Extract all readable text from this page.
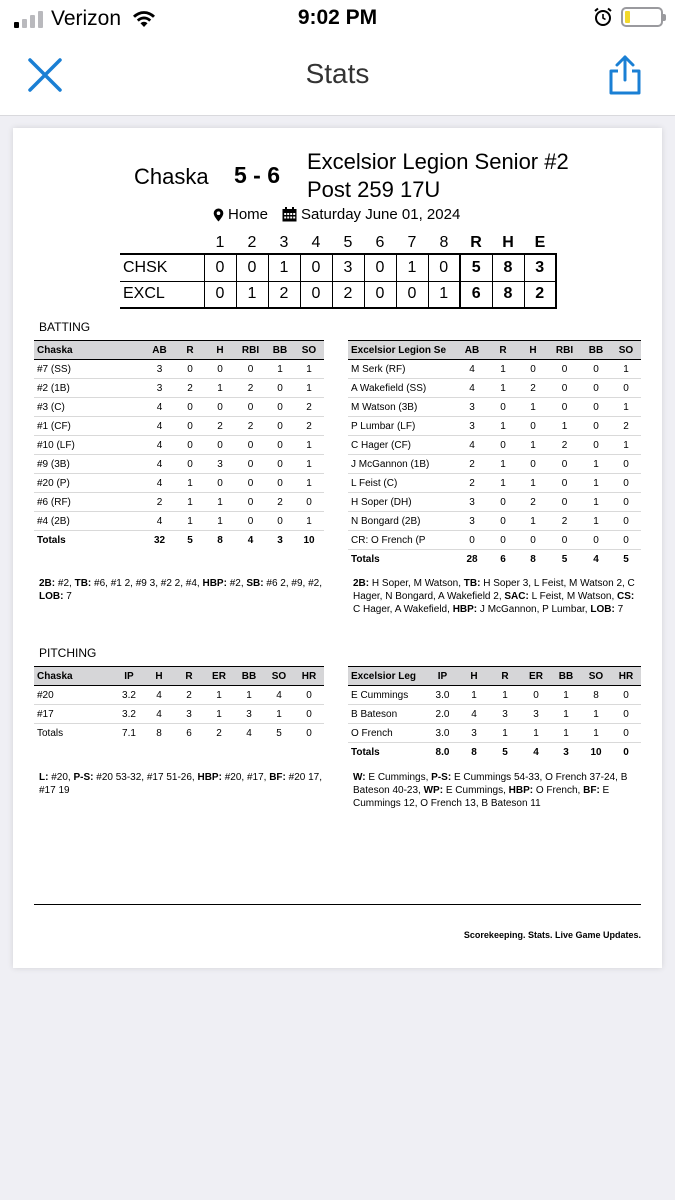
Verizon	9:02 PM
Stats
Chaska 5 - 6
Excelsior Legion Senior #2 Post 259 17U
Home Saturday June 01, 2024
	1	2	3	4	5	6	7	8	R	H	E
CHSK	0	0	1	0	3	0	1	0	5	8	3
EXCL	0	1	2	0	2	0	0	1	6	8	2
BATTING
Chaska	AB	R	H	RBI	BB	SO
#7 (SS)	3	0	0	0	1	1
#2 (1B)	3	2	1	2	0	1
#3 (C)	4	0	0	0	0	2
#1 (CF)	4	0	2	2	0	2
#10 (LF)	4	0	0	0	0	1
#9 (3B)	4	0	3	0	0	1
#20 (P)	4	1	0	0	0	1
#6 (RF)	2	1	1	0	2	0
#4 (2B)	4	1	1	0	0	1
Totals	32	5	8	4	3	10
Excelsior Legion Se	AB	R	H	RBI	BB	SO
M Serk (RF)	4	1	0	0	0	1
A Wakefield (SS)	4	1	2	0	0	0
M Watson (3B)	3	0	1	0	0	1
P Lumbar (LF)	3	1	0	1	0	2
C Hager (CF)	4	0	1	2	0	1
J McGannon (1B)	2	1	0	0	1	0
L Feist (C)	2	1	1	0	1	0
H Soper (DH)	3	0	2	0	1	0
N Bongard (2B)	3	0	1	2	1	0
CR: O French (P	0	0	0	0	0	0
Totals	28	6	8	5	4	5
2B: #2, TB: #6, #1 2, #9 3, #2 2, #4, HBP: #2, SB: #6 2, #9, #2, LOB: 7
2B: H Soper, M Watson, TB: H Soper 3, L Feist, M Watson 2, C Hager, N Bongard, A Wakefield 2, SAC: L Feist, M Watson, CS: C Hager, A Wakefield, HBP: J McGannon, P Lumbar, LOB: 7
PITCHING
Chaska	IP	H	R	ER	BB	SO	HR
#20	3.2	4	2	1	1	4	0
#17	3.2	4	3	1	3	1	0
Totals	7.1	8	6	2	4	5	0
Excelsior Leg	IP	H	R	ER	BB	SO	HR
E Cummings	3.0	1	1	0	1	8	0
B Bateson	2.0	4	3	3	1	1	0
O French	3.0	3	1	1	1	1	0
Totals	8.0	8	5	4	3	10	0
L: #20, P-S: #20 53-32, #17 51-26, HBP: #20, #17, BF: #20 17, #17 19
W: E Cummings, P-S: E Cummings 54-33, O French 37-24, B Bateson 40-23, WP: E Cummings, HBP: O French, BF: E Cummings 12, O French 13, B Bateson 11
Scorekeeping. Stats. Live Game Updates.
